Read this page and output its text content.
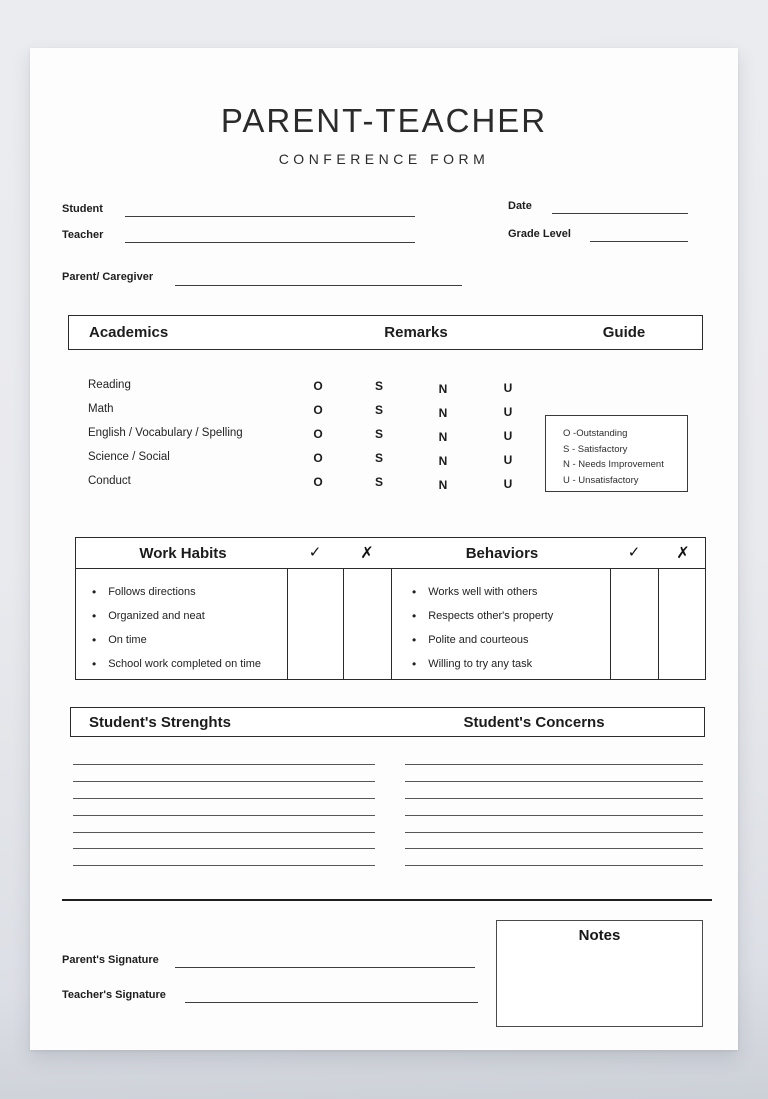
PARENT-TEACHER
CONFERENCE FORM
Student	Date
Teacher	Grade Level
Parent/ Caregiver
Academics	Remarks	Guide
Reading	O	S	N	U
Math	O	S	N	U
English / Vocabulary / Spelling	O	S	N	U
Science / Social	O	S	N	U
Conduct	O	S	N	U
O -Outstanding
S - Satisfactory
N - Needs Improvement
U - Unsatisfactory
Work Habits	✓ ✗	Behaviors	✓ ✗
• Follows directions
• Organized and neat
• On time
• School work completed on time
• Works well with others
• Respects other's property
• Polite and courteous
• Willing to try any task
Student's Strenghts	Student's Concerns
Notes
Parent's Signature
Teacher's Signature
